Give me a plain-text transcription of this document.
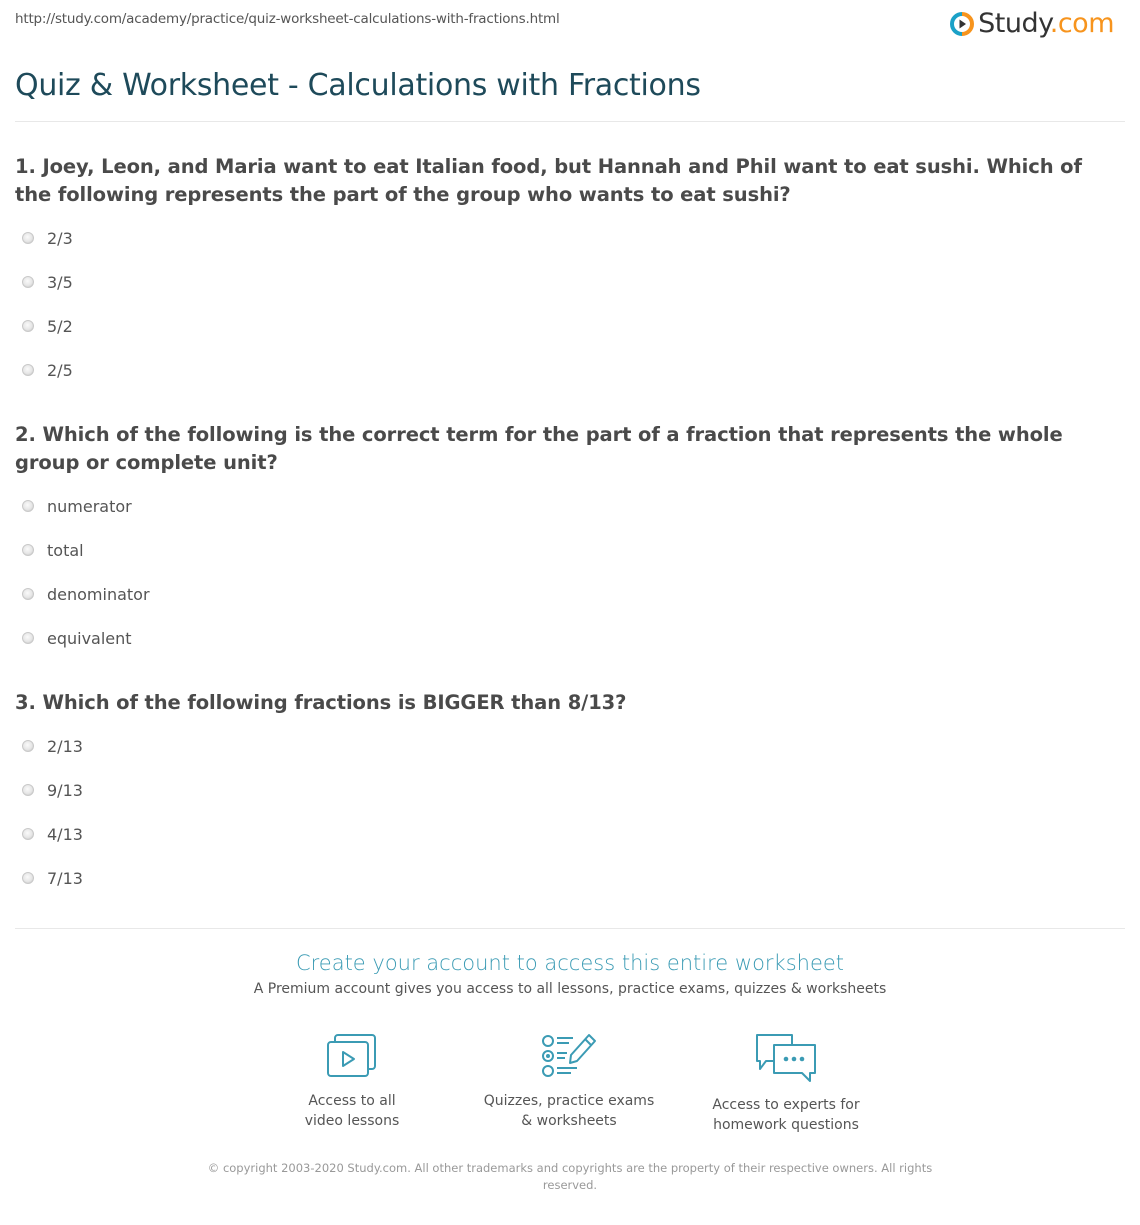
http://study.com/academy/practice/quiz-worksheet-calculations-with-fractions.html	Study.com
Quiz & Worksheet - Calculations with Fractions
1. Joey, Leon, and Maria want to eat Italian food, but Hannah and Phil want to eat sushi. Which of the following represents the part of the group who wants to eat sushi?
2/3
3/5
5/2
2/5
2. Which of the following is the correct term for the part of a fraction that represents the whole group or complete unit?
numerator
total
denominator
equivalent
3. Which of the following fractions is BIGGER than 8/13?
2/13
9/13
4/13
7/13
Create your account to access this entire worksheet
A Premium account gives you access to all lessons, practice exams, quizzes & worksheets
Access to all
video lessons
Quizzes, practice exams
& worksheets
Access to experts for
homework questions
© copyright 2003-2020 Study.com. All other trademarks and copyrights are the property of their respective owners. All rights reserved.
